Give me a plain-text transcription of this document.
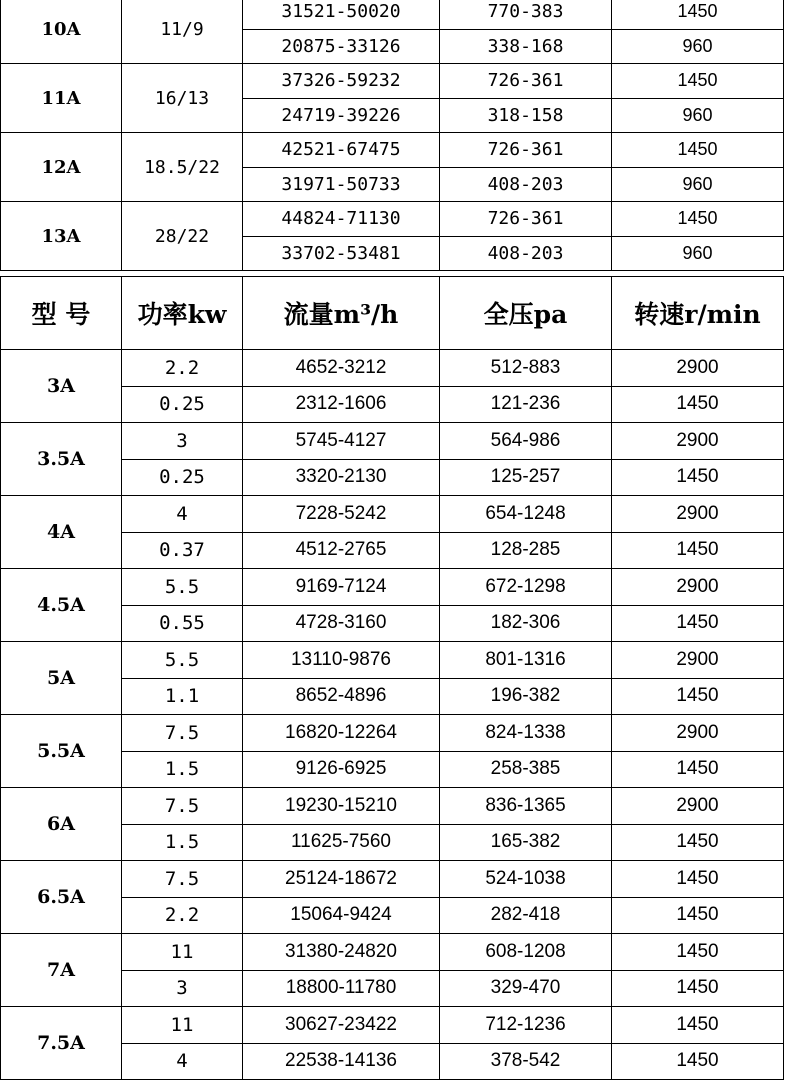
10A	11/9	31521-50020	770-383	1450
		20875-33126	338-168	960
11A	16/13	37326-59232	726-361	1450
		24719-39226	318-158	960
12A	18.5/22	42521-67475	726-361	1450
		31971-50733	408-203	960
13A	28/22	44824-71130	726-361	1450
		33702-53481	408-203	960
型 号	功率kw	流量m³/h	全压pa	转速r/min
3A	2.2	4652-3212	512-883	2900
	0.25	2312-1606	121-236	1450
3.5A	3	5745-4127	564-986	2900
	0.25	3320-2130	125-257	1450
4A	4	7228-5242	654-1248	2900
	0.37	4512-2765	128-285	1450
4.5A	5.5	9169-7124	672-1298	2900
	0.55	4728-3160	182-306	1450
5A	5.5	13110-9876	801-1316	2900
	1.1	8652-4896	196-382	1450
5.5A	7.5	16820-12264	824-1338	2900
	1.5	9126-6925	258-385	1450
6A	7.5	19230-15210	836-1365	2900
	1.5	11625-7560	165-382	1450
6.5A	7.5	25124-18672	524-1038	1450
	2.2	15064-9424	282-418	1450
7A	11	31380-24820	608-1208	1450
	3	18800-11780	329-470	1450
7.5A	11	30627-23422	712-1236	1450
	4	22538-14136	378-542	1450
